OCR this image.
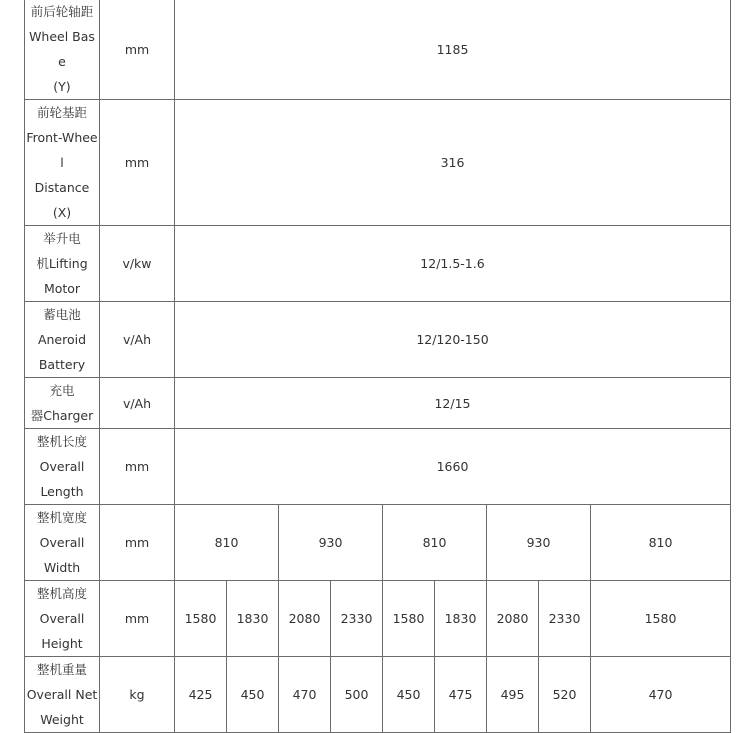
前后轮轴距
Wheel Base
(Y)	mm	1185								

前轮基距
Front-Wheel
Distance (X)	mm	316								

举升电
机Lifting
Motor	v/kw	12/1.5-1.6								

蓄电池
Aneroid
Battery	v/Ah	12/120-150								

充电
器Charger	v/Ah	12/15								

整机长度
Overall
Length	mm	1660								

整机宽度
Overall
Width	mm	810		930		810		930		810

整机高度
Overall
Height	mm	1580	1830	2080	2330	1580	1830	2080	2330	1580

整机重量
Overall Net
Weight	kg	425	450	470	500	450	475	495	520	470
